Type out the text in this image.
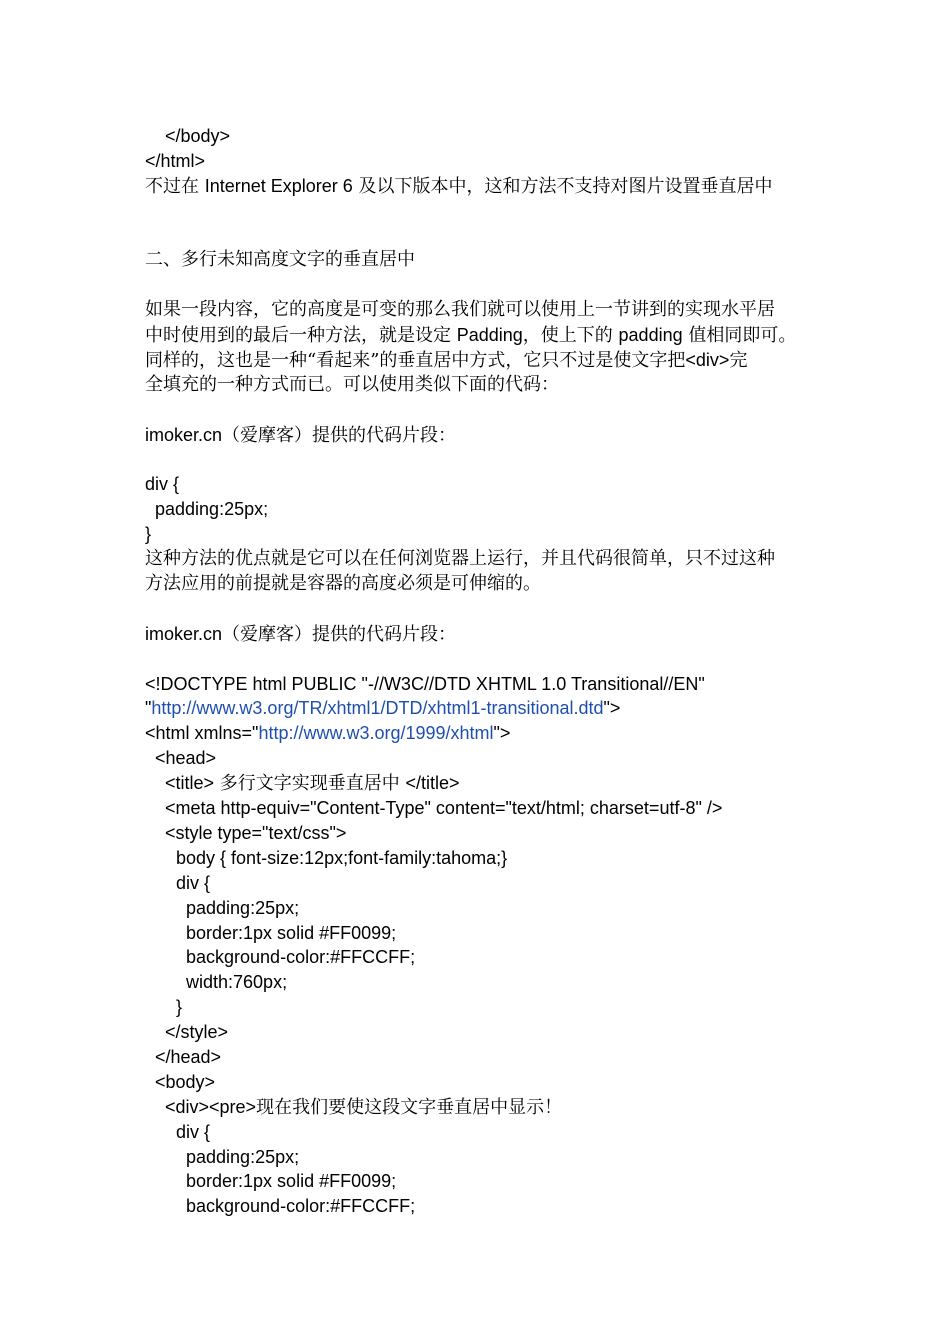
</body>
</html>
不过在 Internet Explorer 6 及以下版本中，这和方法不支持对图片设置垂直居中
二、多行未知高度文字的垂直居中
如果一段内容，它的高度是可变的那么我们就可以使用上一节讲到的实现水平居
中时使用到的最后一种方法，就是设定 Padding，使上下的 padding 值相同即可。
同样的，这也是一种“看起来”的垂直居中方式，它只不过是使文字把<div>完
全填充的一种方式而已。可以使用类似下面的代码：
imoker.cn（爱摩客）提供的代码片段：
div {
padding:25px;
}
这种方法的优点就是它可以在任何浏览器上运行，并且代码很简单，只不过这种
方法应用的前提就是容器的高度必须是可伸缩的。
imoker.cn（爱摩客）提供的代码片段：
<!DOCTYPE html PUBLIC "-//W3C//DTD XHTML 1.0 Transitional//EN"
"http://www.w3.org/TR/xhtml1/DTD/xhtml1-transitional.dtd">
<html xmlns="http://www.w3.org/1999/xhtml">
<head>
<title> 多行文字实现垂直居中 </title>
<meta http-equiv="Content-Type" content="text/html; charset=utf-8" />
<style type="text/css">
body { font-size:12px;font-family:tahoma;}
div {
padding:25px;
border:1px solid #FF0099;
background-color:#FFCCFF;
width:760px;
}
</style>
</head>
<body>
<div><pre>现在我们要使这段文字垂直居中显示！
div {
padding:25px;
border:1px solid #FF0099;
background-color:#FFCCFF;
